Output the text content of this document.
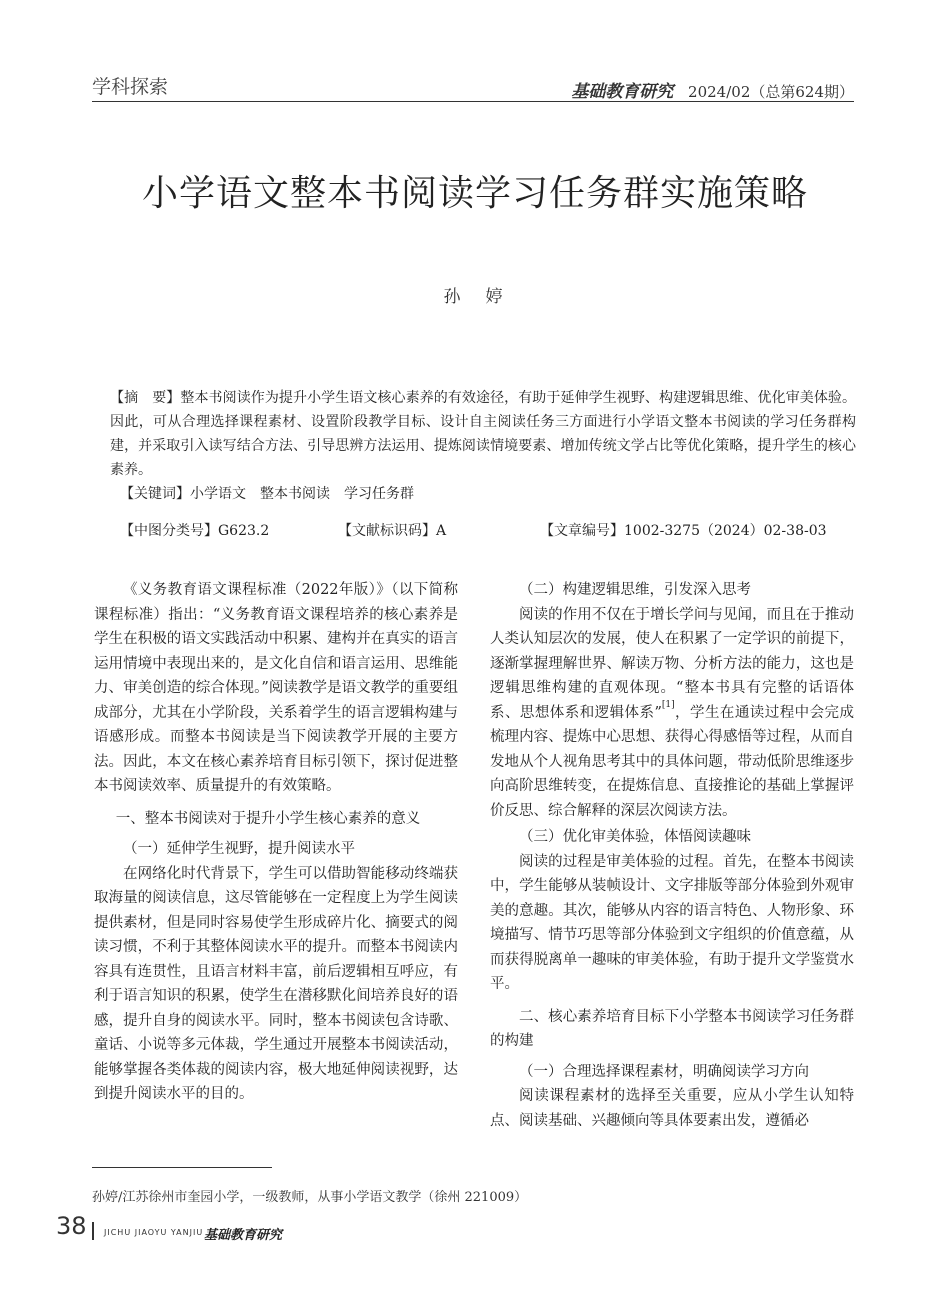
学科探索	基础教育研究 2024/02（总第624期）
小学语文整本书阅读学习任务群实施策略
孙　婷

【摘　要】整本书阅读作为提升小学生语文核心素养的有效途径，有助于延伸学生视野、构建逻辑思维、优化审美体验。因此，可从合理选择课程素材、设置阶段教学目标、设计自主阅读任务三方面进行小学语文整本书阅读的学习任务群构建，并采取引入读写结合方法、引导思辨方法运用、提炼阅读情境要素、增加传统文学占比等优化策略，提升学生的核心素养。

【关键词】小学语文　整本书阅读　学习任务群
【中图分类号】G623.2	【文献标识码】A	【文章编号】1002-3275（2024）02-38-03

《义务教育语文课程标准（2022年版）》（以下简称课程标准）指出：“义务教育语文课程培养的核心素养是学生在积极的语文实践活动中积累、建构并在真实的语言运用情境中表现出来的，是文化自信和语言运用、思维能力、审美创造的综合体现。”阅读教学是语文教学的重要组成部分，尤其在小学阶段，关系着学生的语言逻辑构建与语感形成。而整本书阅读是当下阅读教学开展的主要方法。因此，本文在核心素养培育目标引领下，探讨促进整本书阅读效率、质量提升的有效策略。

一、整本书阅读对于提升小学生核心素养的意义
（一）延伸学生视野，提升阅读水平

在网络化时代背景下，学生可以借助智能移动终端获取海量的阅读信息，这尽管能够在一定程度上为学生阅读提供素材，但是同时容易使学生形成碎片化、摘要式的阅读习惯，不利于其整体阅读水平的提升。而整本书阅读内容具有连贯性，且语言材料丰富，前后逻辑相互呼应，有利于语言知识的积累，使学生在潜移默化间培养良好的语感，提升自身的阅读水平。同时，整本书阅读包含诗歌、童话、小说等多元体裁，学生通过开展整本书阅读活动，能够掌握各类体裁的阅读内容，极大地延伸阅读视野，达到提升阅读水平的目的。

（二）构建逻辑思维，引发深入思考

阅读的作用不仅在于增长学问与见闻，而且在于推动人类认知层次的发展，使人在积累了一定学识的前提下，逐渐掌握理解世界、解读万物、分析方法的能力，这也是逻辑思维构建的直观体现。“整本书具有完整的话语体系、思想体系和逻辑体系”[1]，学生在通读过程中会完成梳理内容、提炼中心思想、获得心得感悟等过程，从而自发地从个人视角思考其中的具体问题，带动低阶思维逐步向高阶思维转变，在提炼信息、直接推论的基础上掌握评价反思、综合解释的深层次阅读方法。

（三）优化审美体验，体悟阅读趣味

阅读的过程是审美体验的过程。首先，在整本书阅读中，学生能够从装帧设计、文字排版等部分体验到外观审美的意趣。其次，能够从内容的语言特色、人物形象、环境描写、情节巧思等部分体验到文字组织的价值意蕴，从而获得脱离单一趣味的审美体验，有助于提升文学鉴赏水平。

二、核心素养培育目标下小学整本书阅读学习任务群的构建
（一）合理选择课程素材，明确阅读学习方向

阅读课程素材的选择至关重要，应从小学生认知特点、阅读基础、兴趣倾向等具体要素出发，遵循必

孙婷/江苏徐州市奎园小学，一级教师，从事小学语文教学（徐州 221009）
38 JICHU JIAOYU YANJIU ·
基础教育研究
